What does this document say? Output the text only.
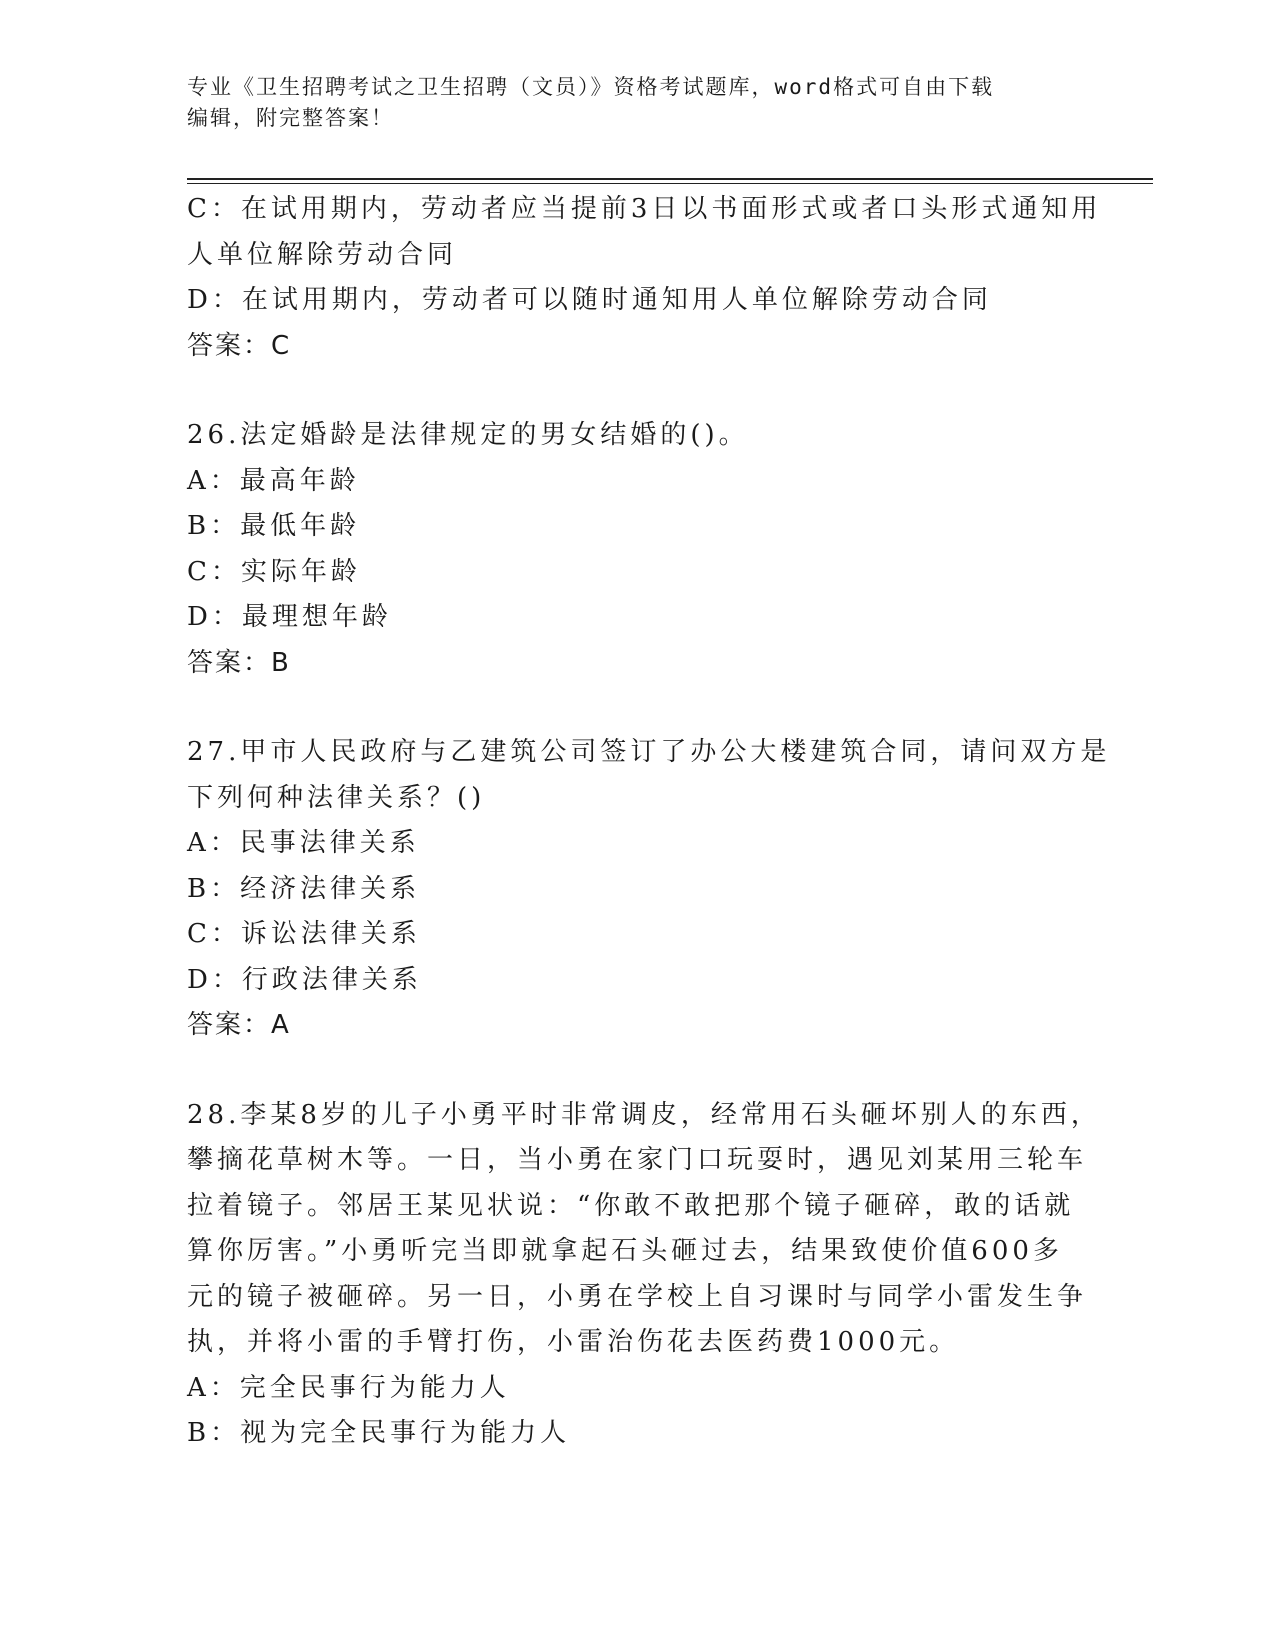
专业《卫生招聘考试之卫生招聘（文员）》资格考试题库，word格式可自由下载
编辑，附完整答案！
C：在试用期内，劳动者应当提前3日以书面形式或者口头形式通知用
人单位解除劳动合同
D：在试用期内，劳动者可以随时通知用人单位解除劳动合同
答案：C
26.法定婚龄是法律规定的男女结婚的()。
A：最高年龄
B：最低年龄
C：实际年龄
D：最理想年龄
答案：B
27.甲市人民政府与乙建筑公司签订了办公大楼建筑合同，请问双方是
下列何种法律关系？()
A：民事法律关系
B：经济法律关系
C：诉讼法律关系
D：行政法律关系
答案：A
28.李某8岁的儿子小勇平时非常调皮，经常用石头砸坏别人的东西，
攀摘花草树木等。一日，当小勇在家门口玩耍时，遇见刘某用三轮车
拉着镜子。邻居王某见状说：“你敢不敢把那个镜子砸碎，敢的话就
算你厉害。”小勇听完当即就拿起石头砸过去，结果致使价值600多
元的镜子被砸碎。另一日，小勇在学校上自习课时与同学小雷发生争
执，并将小雷的手臂打伤，小雷治伤花去医药费1000元。
A：完全民事行为能力人
B：视为完全民事行为能力人
